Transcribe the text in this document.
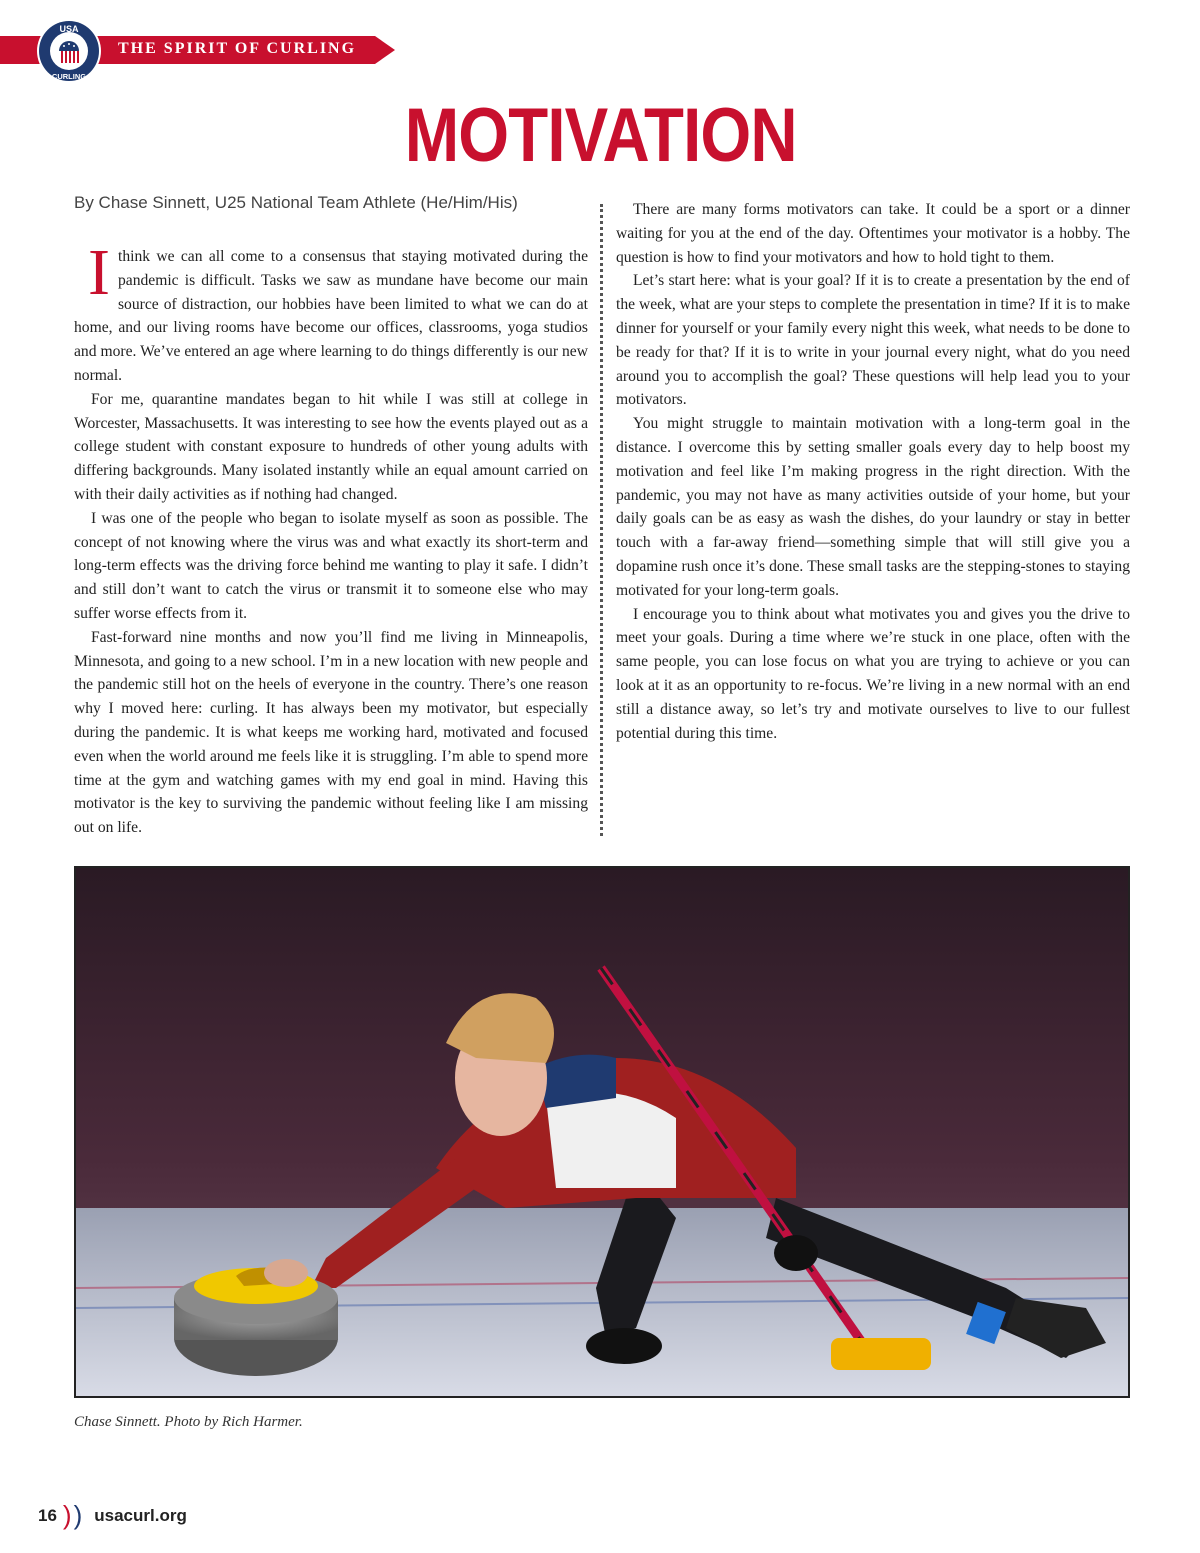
THE SPIRIT OF CURLING
USA
CURLING
MOTIVATION
By Chase Sinnett, U25 National Team Athlete (He/Him/His)

Ithink we can all come to a consensus that staying motivated during the pandemic is difficult. Tasks we saw as mundane have become our main source of distraction, our hobbies have been limited to what we can do at home, and our living rooms have become our offices, classrooms, yoga studios and more. We’ve entered an age where learning to do things differently is our new normal.

For me, quarantine mandates began to hit while I was still at college in Worcester, Massachusetts. It was interesting to see how the events played out as a college student with constant exposure to hundreds of other young adults with differing backgrounds. Many isolated instantly while an equal amount carried on with their daily activities as if nothing had changed.

I was one of the people who began to isolate myself as soon as possible. The concept of not knowing where the virus was and what exactly its short-term and long-term effects was the driving force behind me wanting to play it safe. I didn’t and still don’t want to catch the virus or transmit it to someone else who may suffer worse effects from it.

Fast-forward nine months and now you’ll find me living in Minneapolis, Minnesota, and going to a new school. I’m in a new location with new people and the pandemic still hot on the heels of everyone in the country. There’s one reason why I moved here: curling. It has always been my motivator, but especially during the pandemic. It is what keeps me working hard, motivated and focused even when the world around me feels like it is struggling. I’m able to spend more time at the gym and watching games with my end goal in mind. Having this motivator is the key to surviving the pandemic without feeling like I am missing out on life.

There are many forms motivators can take. It could be a sport or a dinner waiting for you at the end of the day. Oftentimes your motivator is a hobby. The question is how to find your motivators and how to hold tight to them.

Let’s start here: what is your goal? If it is to create a presentation by the end of the week, what are your steps to complete the presentation in time? If it is to make dinner for yourself or your family every night this week, what needs to be done to be ready for that? If it is to write in your journal every night, what do you need around you to accomplish the goal? These questions will help lead you to your motivators.

You might struggle to maintain motivation with a long-term goal in the distance. I overcome this by setting smaller goals every day to help boost my motivation and feel like I’m making progress in the right direction. With the pandemic, you may not have as many activities outside of your home, but your daily goals can be as easy as wash the dishes, do your laundry or stay in better touch with a far-away friend—something simple that will still give you a dopamine rush once it’s done. These small tasks are the stepping-stones to staying motivated for your long-term goals.

I encourage you to think about what motivates you and gives you the drive to meet your goals. During a time where we’re stuck in one place, often with the same people, you can lose focus on what you are trying to achieve or you can look at it as an opportunity to re-focus. We’re living in a new normal with an end still a distance away, so let’s try and motivate ourselves to live to our fullest potential during this time.

Chase Sinnett. Photo by Rich Harmer.
16 ) ) usacurl.org
